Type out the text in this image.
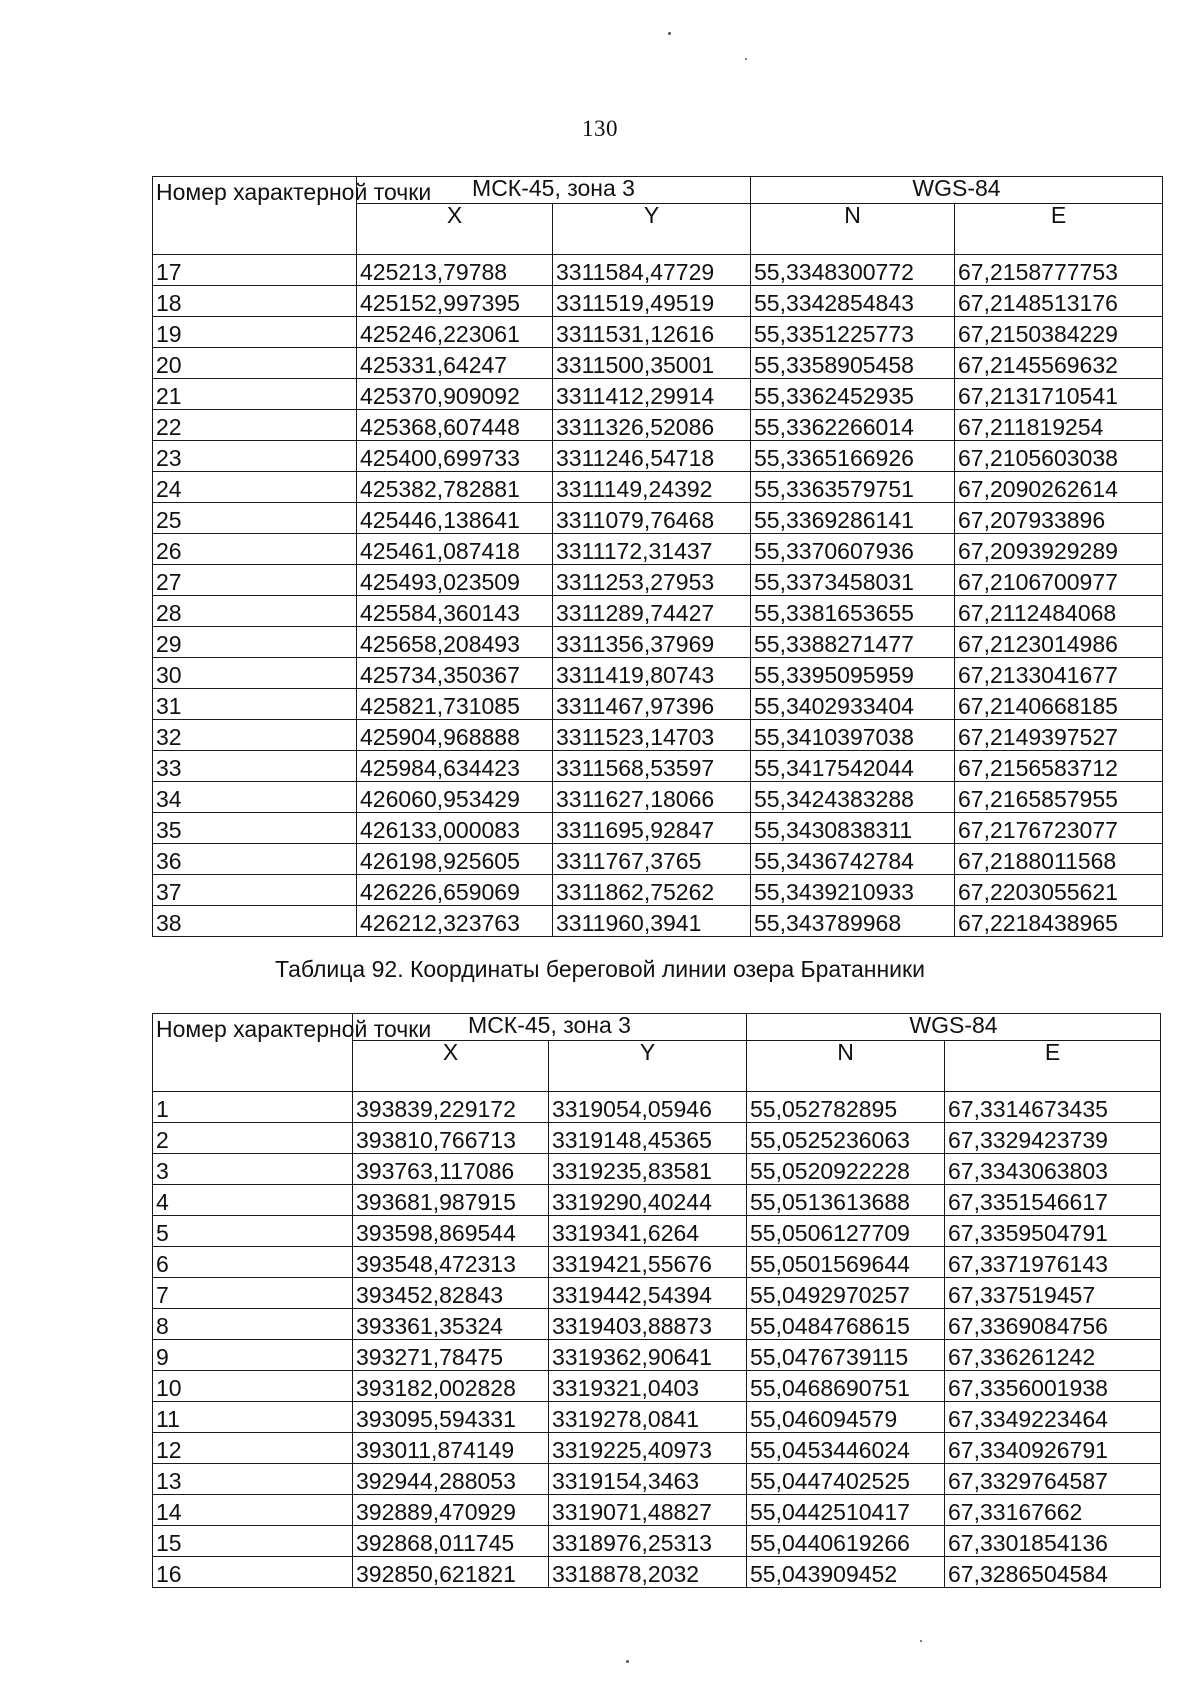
130
Номер характерной точки	МСК-45, зона 3		WGS-84	
	X	Y	N	E
17	425213,79788	3311584,47729	55,3348300772	67,2158777753
18	425152,997395	3311519,49519	55,3342854843	67,2148513176
19	425246,223061	3311531,12616	55,3351225773	67,2150384229
20	425331,64247	3311500,35001	55,3358905458	67,2145569632
21	425370,909092	3311412,29914	55,3362452935	67,2131710541
22	425368,607448	3311326,52086	55,3362266014	67,211819254
23	425400,699733	3311246,54718	55,3365166926	67,2105603038
24	425382,782881	3311149,24392	55,3363579751	67,2090262614
25	425446,138641	3311079,76468	55,3369286141	67,207933896
26	425461,087418	3311172,31437	55,3370607936	67,2093929289
27	425493,023509	3311253,27953	55,3373458031	67,2106700977
28	425584,360143	3311289,74427	55,3381653655	67,2112484068
29	425658,208493	3311356,37969	55,3388271477	67,2123014986
30	425734,350367	3311419,80743	55,3395095959	67,2133041677
31	425821,731085	3311467,97396	55,3402933404	67,2140668185
32	425904,968888	3311523,14703	55,3410397038	67,2149397527
33	425984,634423	3311568,53597	55,3417542044	67,2156583712
34	426060,953429	3311627,18066	55,3424383288	67,2165857955
35	426133,000083	3311695,92847	55,3430838311	67,2176723077
36	426198,925605	3311767,3765	55,3436742784	67,2188011568
37	426226,659069	3311862,75262	55,3439210933	67,2203055621
38	426212,323763	3311960,3941	55,343789968	67,2218438965
Таблица 92. Координаты береговой линии озера Братанники
Номер характерной точки	МСК-45, зона 3		WGS-84	
	X	Y	N	E
1	393839,229172	3319054,05946	55,052782895	67,3314673435
2	393810,766713	3319148,45365	55,0525236063	67,3329423739
3	393763,117086	3319235,83581	55,0520922228	67,3343063803
4	393681,987915	3319290,40244	55,0513613688	67,3351546617
5	393598,869544	3319341,6264	55,0506127709	67,3359504791
6	393548,472313	3319421,55676	55,0501569644	67,3371976143
7	393452,82843	3319442,54394	55,0492970257	67,337519457
8	393361,35324	3319403,88873	55,0484768615	67,3369084756
9	393271,78475	3319362,90641	55,0476739115	67,336261242
10	393182,002828	3319321,0403	55,0468690751	67,3356001938
11	393095,594331	3319278,0841	55,046094579	67,3349223464
12	393011,874149	3319225,40973	55,0453446024	67,3340926791
13	392944,288053	3319154,3463	55,0447402525	67,3329764587
14	392889,470929	3319071,48827	55,0442510417	67,33167662
15	392868,011745	3318976,25313	55,0440619266	67,3301854136
16	392850,621821	3318878,2032	55,043909452	67,3286504584
